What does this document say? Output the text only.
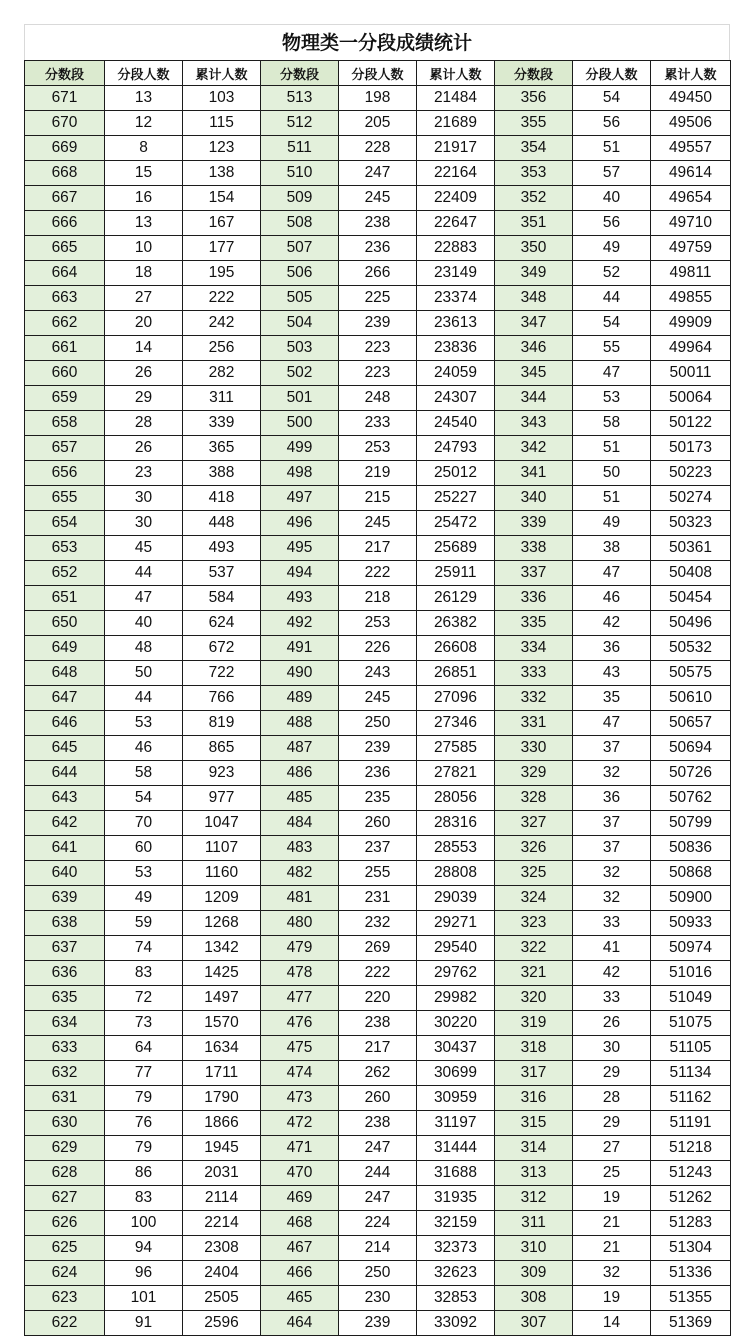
物理类一分段成绩统计
分数段	分段人数	累计人数	分数段	分段人数	累计人数	分数段	分段人数	累计人数
671	13	103	513	198	21484	356	54	49450
670	12	115	512	205	21689	355	56	49506
669	8	123	511	228	21917	354	51	49557
668	15	138	510	247	22164	353	57	49614
667	16	154	509	245	22409	352	40	49654
666	13	167	508	238	22647	351	56	49710
665	10	177	507	236	22883	350	49	49759
664	18	195	506	266	23149	349	52	49811
663	27	222	505	225	23374	348	44	49855
662	20	242	504	239	23613	347	54	49909
661	14	256	503	223	23836	346	55	49964
660	26	282	502	223	24059	345	47	50011
659	29	311	501	248	24307	344	53	50064
658	28	339	500	233	24540	343	58	50122
657	26	365	499	253	24793	342	51	50173
656	23	388	498	219	25012	341	50	50223
655	30	418	497	215	25227	340	51	50274
654	30	448	496	245	25472	339	49	50323
653	45	493	495	217	25689	338	38	50361
652	44	537	494	222	25911	337	47	50408
651	47	584	493	218	26129	336	46	50454
650	40	624	492	253	26382	335	42	50496
649	48	672	491	226	26608	334	36	50532
648	50	722	490	243	26851	333	43	50575
647	44	766	489	245	27096	332	35	50610
646	53	819	488	250	27346	331	47	50657
645	46	865	487	239	27585	330	37	50694
644	58	923	486	236	27821	329	32	50726
643	54	977	485	235	28056	328	36	50762
642	70	1047	484	260	28316	327	37	50799
641	60	1107	483	237	28553	326	37	50836
640	53	1160	482	255	28808	325	32	50868
639	49	1209	481	231	29039	324	32	50900
638	59	1268	480	232	29271	323	33	50933
637	74	1342	479	269	29540	322	41	50974
636	83	1425	478	222	29762	321	42	51016
635	72	1497	477	220	29982	320	33	51049
634	73	1570	476	238	30220	319	26	51075
633	64	1634	475	217	30437	318	30	51105
632	77	1711	474	262	30699	317	29	51134
631	79	1790	473	260	30959	316	28	51162
630	76	1866	472	238	31197	315	29	51191
629	79	1945	471	247	31444	314	27	51218
628	86	2031	470	244	31688	313	25	51243
627	83	2114	469	247	31935	312	19	51262
626	100	2214	468	224	32159	311	21	51283
625	94	2308	467	214	32373	310	21	51304
624	96	2404	466	250	32623	309	32	51336
623	101	2505	465	230	32853	308	19	51355
622	91	2596	464	239	33092	307	14	51369
